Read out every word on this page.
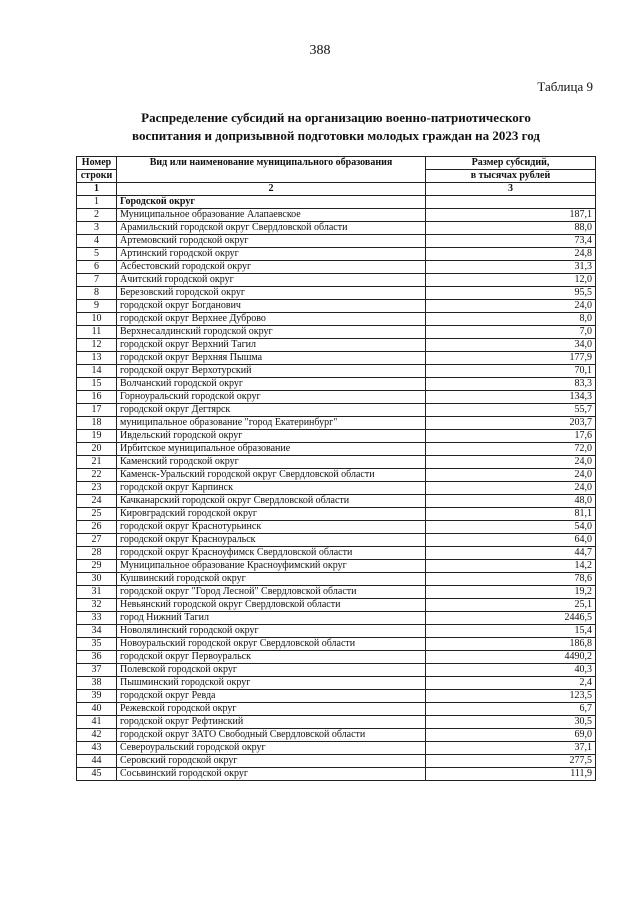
388
Таблица 9
Распределение субсидий на организацию военно-патриотического
воспитания и допризывной подготовки молодых граждан на 2023 год
Номер	Вид или наименование муниципального образования	Размер субсидий,
строки		в тысячах рублей
1	2	3
1	Городской округ	
2	Муниципальное образование Алапаевское	187,1
3	Арамильский городской округ Свердловской области	88,0
4	Артемовский городской округ	73,4
5	Артинский городской округ	24,8
6	Асбестовский городской округ	31,3
7	Ачитский городской округ	12,0
8	Березовский городской округ	95,5
9	городской округ Богданович	24,0
10	городской округ Верхнее Дуброво	8,0
11	Верхнесалдинский городской округ	7,0
12	городской округ Верхний Тагил	34,0
13	городской округ Верхняя Пышма	177,9
14	городской округ Верхотурский	70,1
15	Волчанский городской округ	83,3
16	Горноуральский городской округ	134,3
17	городской округ Дегтярск	55,7
18	муниципальное образование "город Екатеринбург"	203,7
19	Ивдельский городской округ	17,6
20	Ирбитское муниципальное образование	72,0
21	Каменский городской округ	24,0
22	Каменск-Уральский городской округ Свердловской области	24,0
23	городской округ Карпинск	24,0
24	Качканарский городской округ Свердловской области	48,0
25	Кировградский городской округ	81,1
26	городской округ Краснотурьинск	54,0
27	городской округ Красноуральск	64,0
28	городской округ Красноуфимск Свердловской области	44,7
29	Муниципальное образование Красноуфимский округ	14,2
30	Кушвинский городской округ	78,6
31	городской округ "Город Лесной" Свердловской области	19,2
32	Невьянский городской округ Свердловской области	25,1
33	город Нижний Тагил	2446,5
34	Новолялинский городской округ	15,4
35	Новоуральский городской округ Свердловской области	186,8
36	городской округ Первоуральск	4490,2
37	Полевской городской округ	40,3
38	Пышминский городской округ	2,4
39	городской округ Ревда	123,5
40	Режевской городской округ	6,7
41	городской округ Рефтинский	30,5
42	городской округ ЗАТО Свободный Свердловской области	69,0
43	Североуральский городской округ	37,1
44	Серовский городской округ	277,5
45	Сосьвинский городской округ	111,9
